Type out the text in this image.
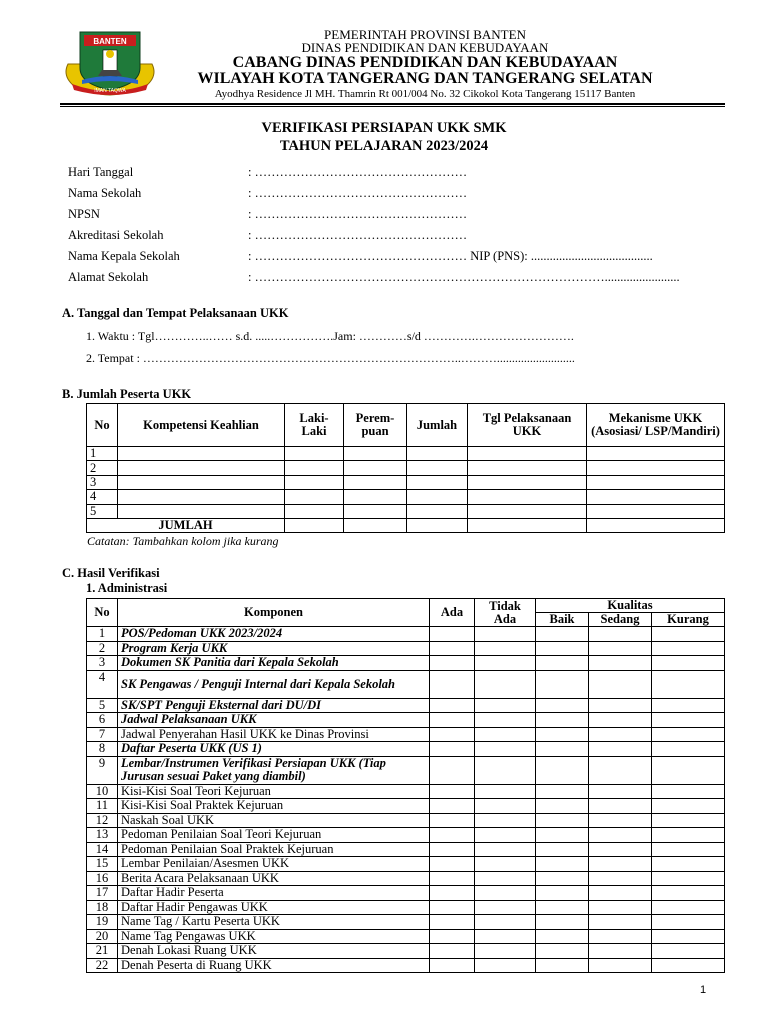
BANTEN
IMAN TAQWA
PEMERINTAH PROVINSI BANTEN
DINAS PENDIDIKAN DAN KEBUDAYAAN
CABANG DINAS PENDIDIKAN DAN KEBUDAYAAN
WILAYAH KOTA TANGERANG DAN TANGERANG SELATAN
Ayodhya Residence Jl MH. Thamrin Rt 001/004 No. 32 Cikokol Kota Tangerang 15117 Banten
VERIFIKASI PERSIAPAN UKK SMK
TAHUN PELAJARAN 2023/2024
Hari Tanggal	: ……………………………………………
Nama Sekolah	: ……………………………………………
NPSN	: ……………………………………………
Akreditasi Sekolah	: ……………………………………………
Nama Kepala Sekolah	: …………………………………………… NIP (PNS): .......................................
Alamat Sekolah	: …………………………………………………………………………........................
A. Tanggal dan Tempat Pelaksanaan UKK
1. Waktu : Tgl…………..…… s.d. .....…………….Jam: …………s/d ………….…………………….
2. Tempat : ……………………………………………………………………..………..........................
B. Jumlah Peserta UKK
No	Kompetensi Keahlian	Laki-Laki	Perem-puan	Jumlah	Tgl Pelaksanaan UKK	Mekanisme UKK (Asosiasi/ LSP/Mandiri)
1						
2						
3						
4						
5						
JUMLAH						
Catatan: Tambahkan kolom jika kurang
C. Hasil Verifikasi
1. Administrasi
No	Komponen	Ada	Tidak Ada	Kualitas		
				Baik	Sedang	Kurang
1	POS/Pedoman UKK 2023/2024					
2	Program Kerja UKK					
3	Dokumen SK Panitia dari Kepala Sekolah					
4	SK Pengawas / Penguji Internal dari Kepala Sekolah					
5	SK/SPT Penguji Eksternal dari DU/DI					
6	Jadwal Pelaksanaan UKK					
7	Jadwal Penyerahan Hasil UKK ke Dinas Provinsi					
8	Daftar Peserta UKK (US 1)					
9	Lembar/Instrumen Verifikasi Persiapan UKK (Tiap Jurusan sesuai Paket yang diambil)					
10	Kisi-Kisi Soal Teori Kejuruan					
11	Kisi-Kisi Soal Praktek Kejuruan					
12	Naskah Soal UKK					
13	Pedoman Penilaian Soal Teori Kejuruan					
14	Pedoman Penilaian Soal Praktek Kejuruan					
15	Lembar Penilaian/Asesmen UKK					
16	Berita Acara Pelaksanaan UKK					
17	Daftar Hadir Peserta					
18	Daftar Hadir Pengawas UKK					
19	Name Tag / Kartu Peserta UKK					
20	Name Tag Pengawas UKK					
21	Denah Lokasi Ruang UKK					
22	Denah Peserta di Ruang UKK					
1
